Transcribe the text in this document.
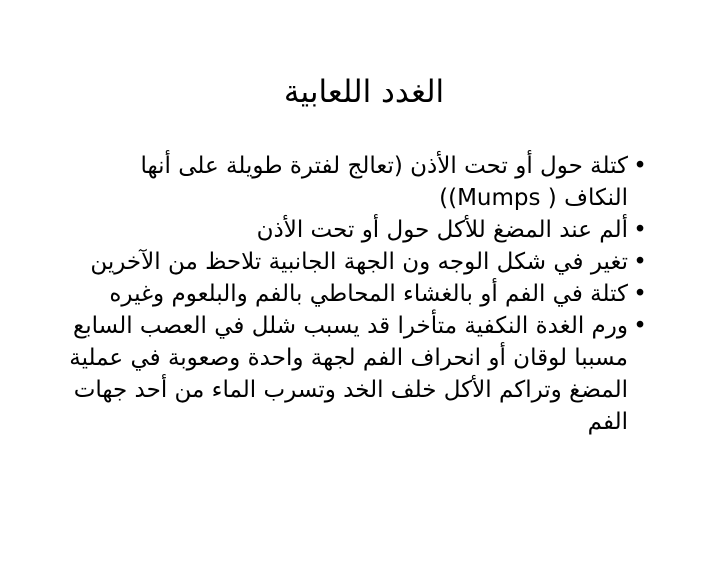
الغدد اللعابية
•
كتلة حول أو تحت الأذن (تعالج لفترة طويلة على أنها
النكاف ( Mumps))
•
ألم عند المضغ للأكل حول أو تحت الأذن
•
تغير في شكل الوجه ون الجهة الجانبية تلاحظ من الآخرين
•
كتلة في الفم أو بالغشاء المحاطي بالفم والبلعوم وغيره
•
ورم الغدة النكفية متأخرا قد يسبب شلل في العصب السابع
مسببا لوقان أو انحراف الفم لجهة واحدة وصعوبة في عملية
المضغ وتراكم الأكل خلف الخد وتسرب الماء من أحد جهات
الفم
